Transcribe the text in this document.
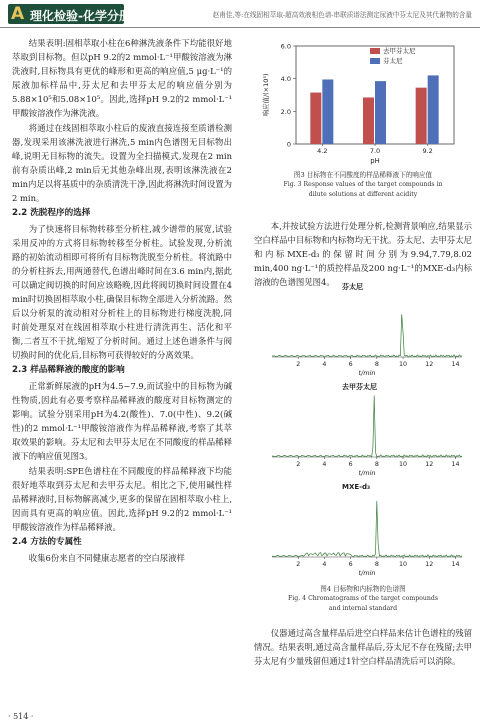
A 理化检验-化学分册	赵甫佳,等:在线固相萃取-超高效液相色谱-串联质谱法测定尿液中芬太尼及其代谢物的含量

结果表明:固相萃取小柱在6种淋洗液条件下均能很好地萃取到目标物。但以pH 9.2的2 mmol·L⁻¹甲酸铵溶液为淋洗液时,目标物具有更优的峰形和更高的响应值,5 μg·L⁻¹的尿液加标样品中,芬太尼和去甲芬太尼的响应值分别为5.88×10⁵和5.08×10⁵。因此,选择pH 9.2的2 mmol·L⁻¹甲酸铵溶液作为淋洗液。

将通过在线固相萃取小柱后的废液直接连接至质谱检测器,发现采用该淋洗液进行淋洗,5 min内色谱图无目标物出峰,说明无目标物的流失。设置为全扫描模式,发现在2 min前有杂质出峰,2 min后无其他杂峰出现,表明该淋洗液在2 min内足以将基质中的杂质清洗干净,因此将淋洗时间设置为2 min。

2.2 洗脱程序的选择

为了快速将目标物转移至分析柱,减少谱带的展宽,试验采用反冲的方式将目标物转移至分析柱。试验发现,分析流路的初始流动相即可将所有目标物洗脱至分析柱。将流路中的分析柱拆去,用两通替代,色谱出峰时间在3.6 min内,据此可以确定阀切换的时间应该略晚,因此将阀切换时间设置在4 min时切换固相萃取小柱,确保目标物全部进入分析流路。然后以分析泵的流动相对分析柱上的目标物进行梯度洗脱,同时前处理泵对在线固相萃取小柱进行清洗再生、活化和平衡,二者互不干扰,缩短了分析时间。通过上述色谱条件与阀切换时间的优化后,目标物可获得较好的分离效果。

2.3 样品稀释液的酸度的影响

正常新鲜尿液的pH为4.5~7.9,而试验中的目标物为碱性物质,因此有必要考察样品稀释液的酸度对目标物测定的影响。试验分别采用pH为4.2(酸性)、7.0(中性)、9.2(碱性)的2 mmol·L⁻¹甲酸铵溶液作为样品稀释液,考察了其萃取效果的影响。芬太尼和去甲芬太尼在不同酸度的样品稀释液下的响应值见图3。

结果表明:SPE色谱柱在不同酸度的样品稀释液下均能很好地萃取到芬太尼和去甲芬太尼。相比之下,使用碱性样品稀释液时,目标物解离减少,更多的保留在固相萃取小柱上,因而具有更高的响应值。因此,选择pH 9.2的2 mmol·L⁻¹甲酸铵溶液作为样品稀释液。

2.4 方法的专属性

收集6份来自不同健康志愿者的空白尿液样

· 514 ·
0
2.0
4.0
6.0
响应值/(×10⁵)
4.2	7.0	9.2
pH
去甲芬太尼
芬太尼
图3 目标物在不同酸度的样品稀释液下的响应值
Fig. 3 Response values of the target compounds in
dilute solutions at different acidity

本,并按试验方法进行处理分析,检测背景响应,结果显示空白样品中目标物和内标物均无干扰。芬太尼、去甲芬太尼和内标MXE-d₃的保留时间分别为9.94,7.79,8.02 min,400 ng·L⁻¹的质控样品及200 ng·L⁻¹的MXE-d₃内标溶液的色谱图见图4。	芬太尼
2	4	6	8	10	12	14
t/min
去甲芬太尼
2	4	6	8	10	12	14
t/min
MXE-d₃
2	4	6	8	10	12	14
t/min
图4 目标物和内标物的色谱图
Fig. 4 Chromatograms of the target compounds
and internal standard

仪器通过高含量样品后进空白样品来估计色谱柱的残留情况。结果表明,通过高含量样品后,芬太尼不存在残留;去甲芬太尼有少量残留但通过1针空白样品清洗后可以消除。
